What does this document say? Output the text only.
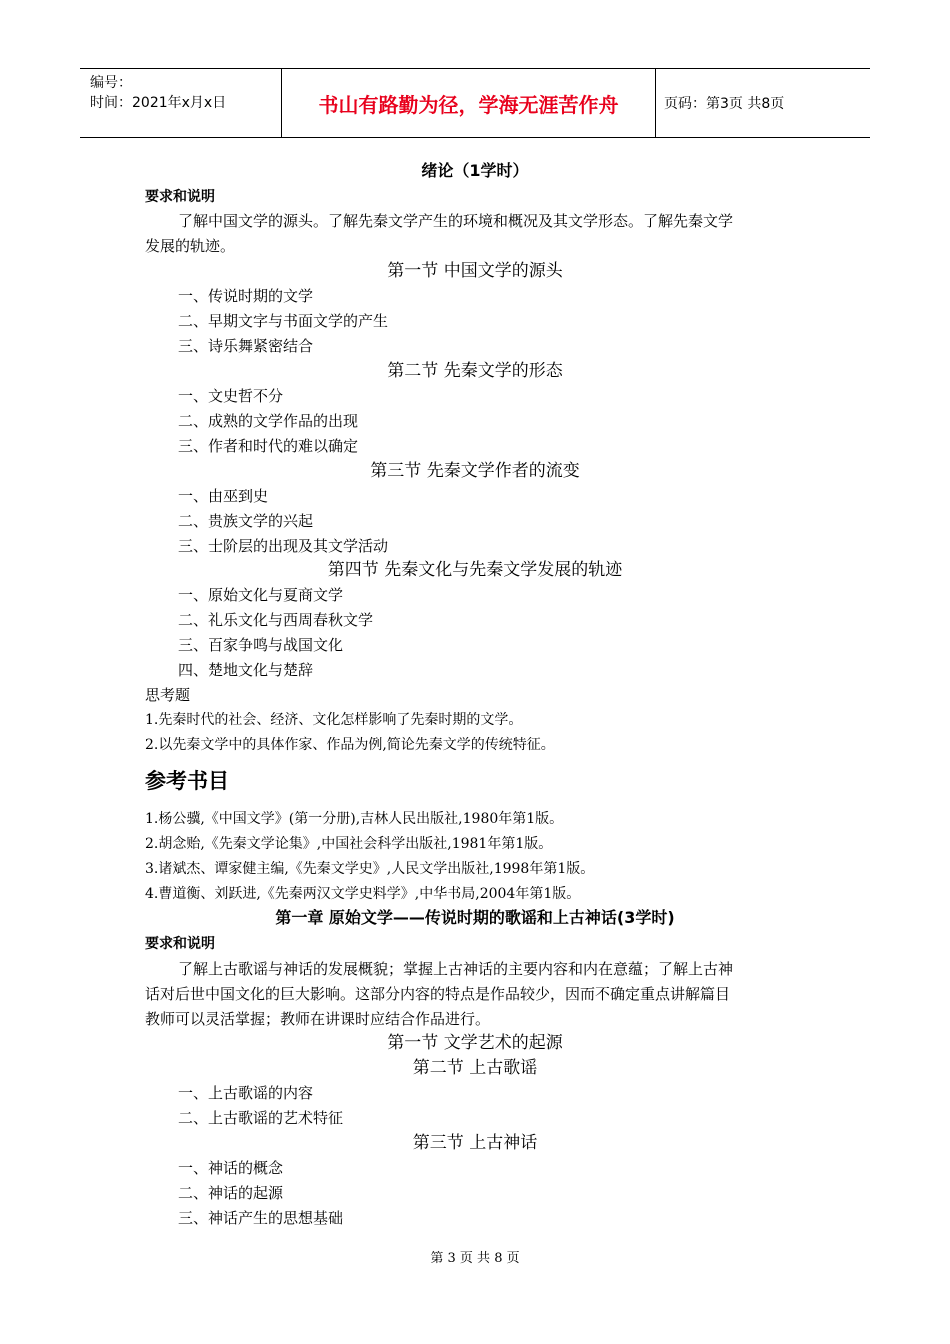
编号：
时间：2021年x月x日	书山有路勤为径，学海无涯苦作舟	页码：第3页 共8页
绪论（1学时）
要求和说明
了解中国文学的源头。了解先秦文学产生的环境和概况及其文学形态。了解先秦文学
发展的轨迹。
第一节 中国文学的源头
一、传说时期的文学
二、早期文字与书面文学的产生
三、诗乐舞紧密结合
第二节 先秦文学的形态
一、文史哲不分
二、成熟的文学作品的出现
三、作者和时代的难以确定
第三节 先秦文学作者的流变
一、由巫到史
二、贵族文学的兴起
三、士阶层的出现及其文学活动
第四节 先秦文化与先秦文学发展的轨迹
一、原始文化与夏商文学
二、礼乐文化与西周春秋文学
三、百家争鸣与战国文化
四、楚地文化与楚辞
思考题
1.先秦时代的社会、经济、文化怎样影响了先秦时期的文学。
2.以先秦文学中的具体作家、作品为例,简论先秦文学的传统特征。
参考书目
1.杨公骥,《中国文学》(第一分册),吉林人民出版社,1980年第1版。
2.胡念贻,《先秦文学论集》,中国社会科学出版社,1981年第1版。
3.诸斌杰、谭家健主编,《先秦文学史》,人民文学出版社,1998年第1版。
4.曹道衡、刘跃进,《先秦两汉文学史料学》,中华书局,2004年第1版。
第一章 原始文学——传说时期的歌谣和上古神话(3学时)
要求和说明
了解上古歌谣与神话的发展概貌；掌握上古神话的主要内容和内在意蕴；了解上古神
话对后世中国文化的巨大影响。这部分内容的特点是作品较少，因而不确定重点讲解篇目
教师可以灵活掌握；教师在讲课时应结合作品进行。
第一节 文学艺术的起源
第二节 上古歌谣
一、上古歌谣的内容
二、上古歌谣的艺术特征
第三节 上古神话
一、神话的概念
二、神话的起源
三、神话产生的思想基础
第 3 页 共 8 页
